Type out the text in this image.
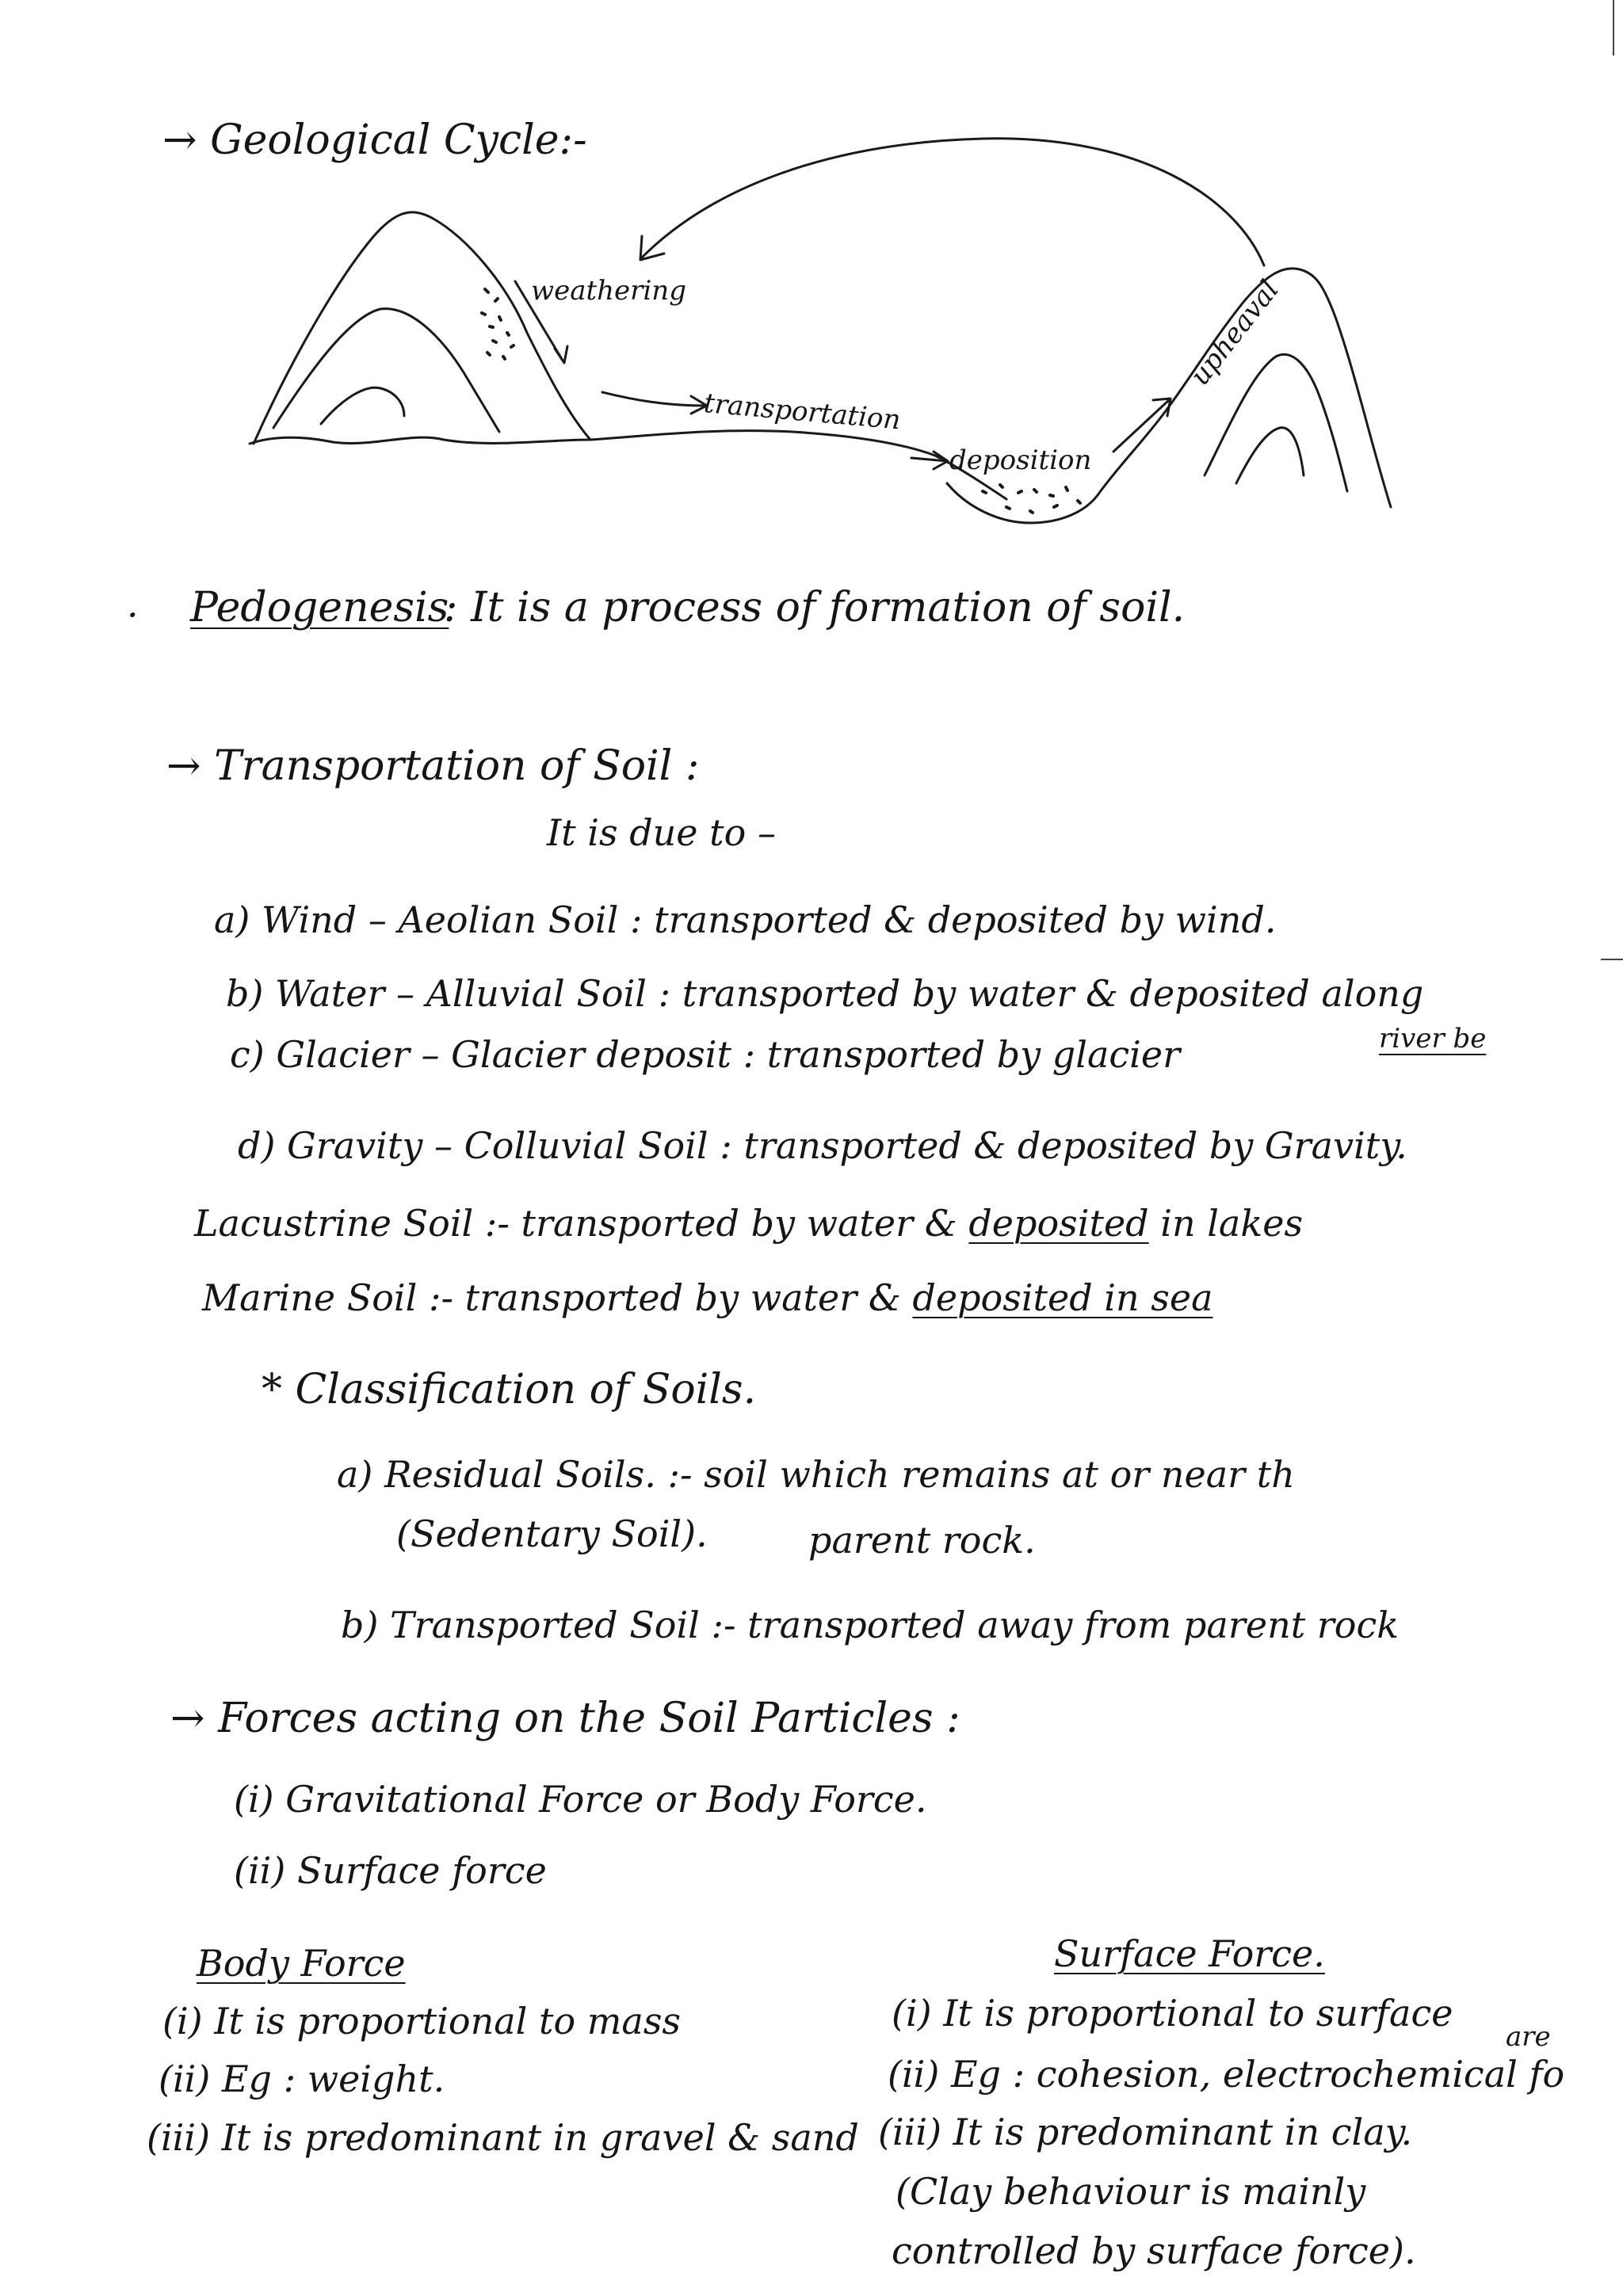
→ Geological Cycle:-
weathering
transportation
deposition
upheaval
· Pedogenesis
: It is a process of formation of soil.
→ Transportation of Soil :
It is due to –
a) Wind – Aeolian Soil : transported & deposited by wind.
b) Water – Alluvial Soil : transported by water & deposited along
c) Glacier – Glacier deposit : transported by glacier	river be
d) Gravity – Colluvial Soil : transported & deposited by Gravity.
Lacustrine Soil :- transported by water & deposited in lakes
Marine Soil :- transported by water & deposited in sea
* Classification of Soils.
a) Residual Soils. :- soil which remains at or near th
(Sedentary Soil).	parent rock.
b) Transported Soil :- transported away from parent rock
→ Forces acting on the Soil Particles :
(i) Gravitational Force or Body Force.
(ii) Surface force
Body Force
(i) It is proportional to mass
(ii) Eg : weight.
(iii) It is predominant in gravel & sand
Surface Force.
(i) It is proportional to surface
are
(ii) Eg : cohesion, electrochemical fo
(iii) It is predominant in clay.
(Clay behaviour is mainly
controlled by surface force).
